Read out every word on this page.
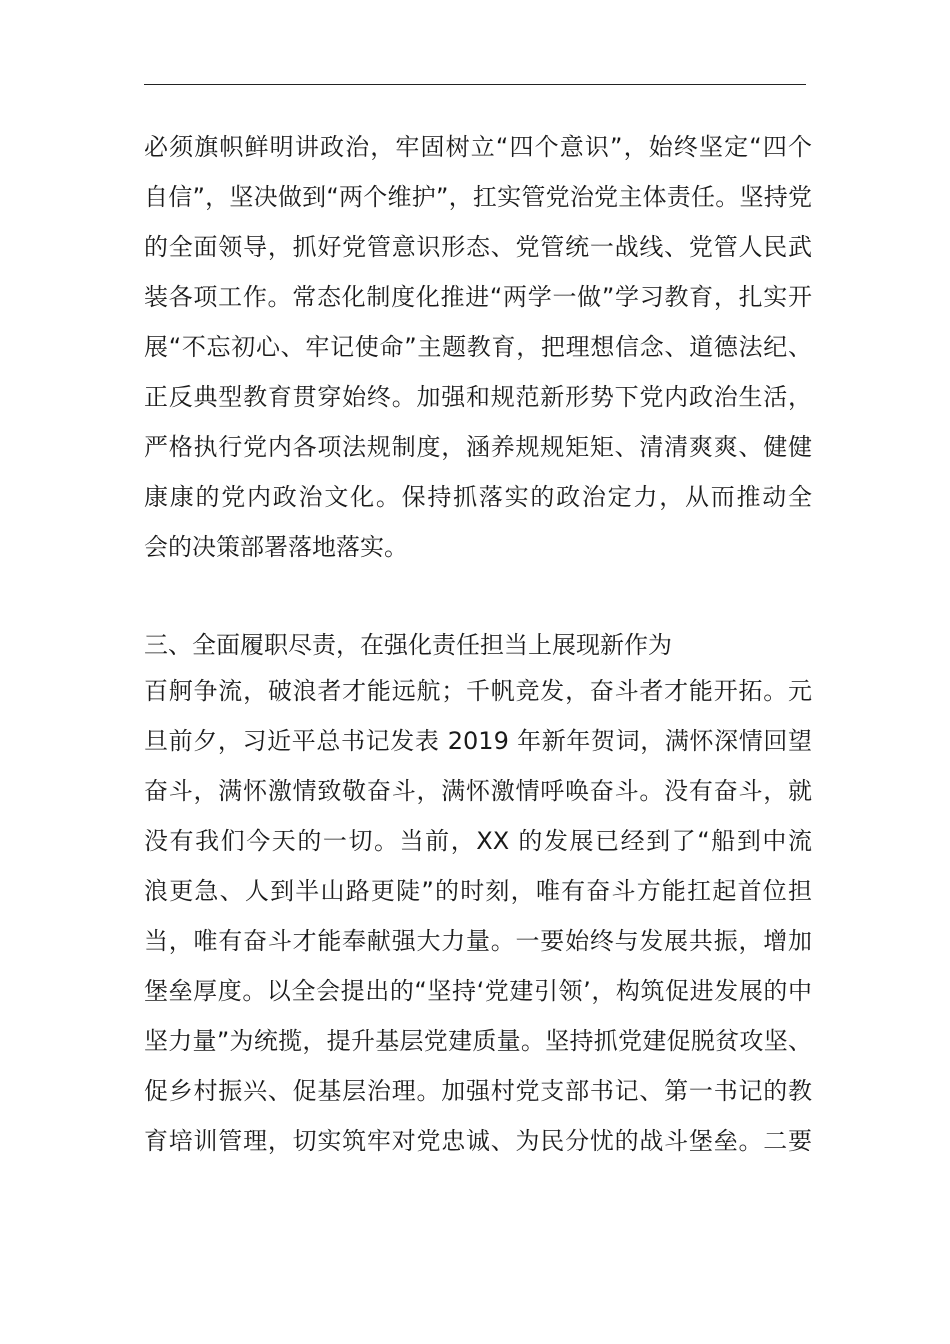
必须旗帜鲜明讲政治，牢固树立“四个意识”，始终坚定“四个
自信”，坚决做到“两个维护”，扛实管党治党主体责任。坚持党
的全面领导，抓好党管意识形态、党管统一战线、党管人民武
装各项工作。常态化制度化推进“两学一做”学习教育，扎实开
展“不忘初心、牢记使命”主题教育，把理想信念、道德法纪、
正反典型教育贯穿始终。加强和规范新形势下党内政治生活，
严格执行党内各项法规制度，涵养规规矩矩、清清爽爽、健健
康康的党内政治文化。保持抓落实的政治定力，从而推动全
会的决策部署落地落实。
三、全面履职尽责，在强化责任担当上展现新作为
百舸争流，破浪者才能远航；千帆竞发，奋斗者才能开拓。元
旦前夕，习近平总书记发表 2019 年新年贺词，满怀深情回望
奋斗，满怀激情致敬奋斗，满怀激情呼唤奋斗。没有奋斗，就
没有我们今天的一切。当前，XX 的发展已经到了“船到中流
浪更急、人到半山路更陡”的时刻，唯有奋斗方能扛起首位担
当，唯有奋斗才能奉献强大力量。一要始终与发展共振，增加
堡垒厚度。以全会提出的“坚持‘党建引领’，构筑促进发展的中
坚力量”为统揽，提升基层党建质量。坚持抓党建促脱贫攻坚、
促乡村振兴、促基层治理。加强村党支部书记、第一书记的教
育培训管理，切实筑牢对党忠诚、为民分忧的战斗堡垒。二要
